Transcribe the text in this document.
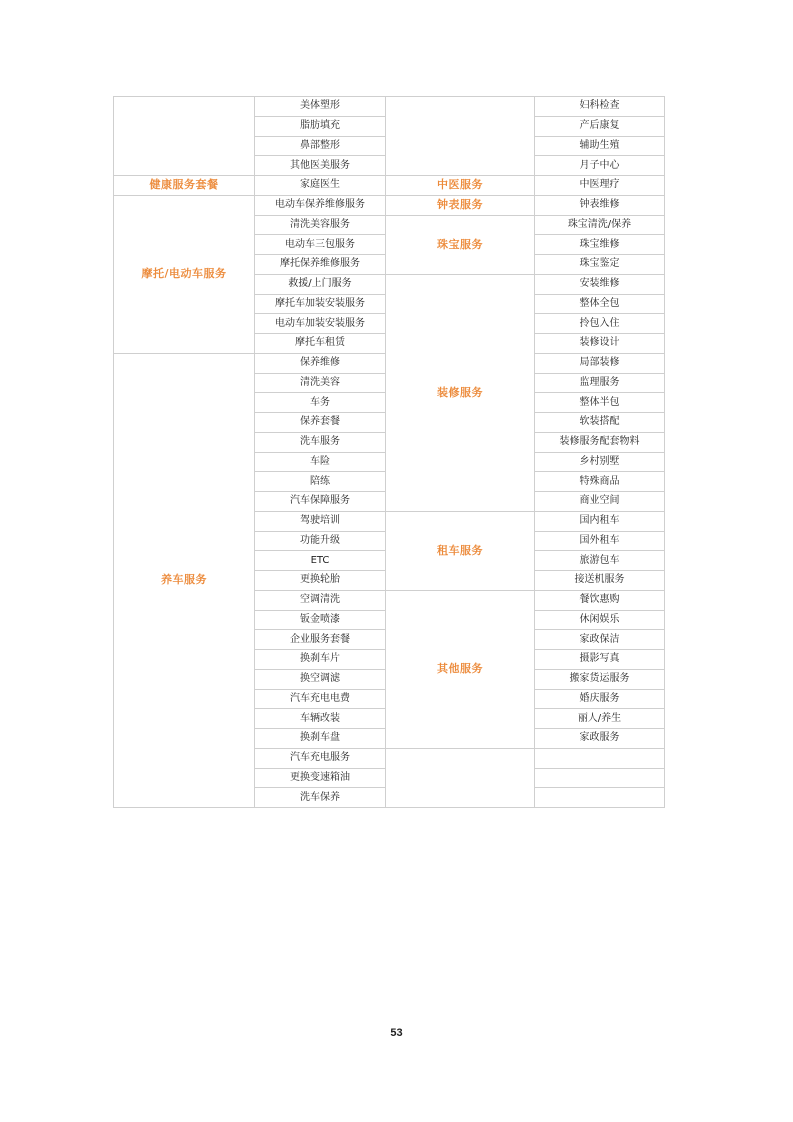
	美体塑形		妇科检查
	脂肪填充		产后康复
	鼻部整形		辅助生殖
	其他医美服务		月子中心
健康服务套餐	家庭医生	中医服务	中医理疗
摩托/电动车服务	电动车保养维修服务	钟表服务	钟表维修
	清洗美容服务	珠宝服务	珠宝清洗/保养
	电动车三包服务		珠宝维修
	摩托保养维修服务		珠宝鉴定
	救援/上门服务	装修服务	安装维修
	摩托车加装安装服务		整体全包
	电动车加装安装服务		拎包入住
	摩托车租赁		装修设计
养车服务	保养维修		局部装修
	清洗美容		监理服务
	车务		整体半包
	保养套餐		软装搭配
	洗车服务		装修服务配套物料
	车险		乡村别墅
	陪练		特殊商品
	汽车保障服务		商业空间
	驾驶培训	租车服务	国内租车
	功能升级		国外租车
	ETC		旅游包车
	更换轮胎		接送机服务
	空调清洗	其他服务	餐饮惠购
	钣金喷漆		休闲娱乐
	企业服务套餐		家政保洁
	换刹车片		摄影写真
	换空调滤		搬家货运服务
	汽车充电电费		婚庆服务
	车辆改装		丽人/养生
	换刹车盘		家政服务
	汽车充电服务		
	更换变速箱油		
	洗车保养		
53
